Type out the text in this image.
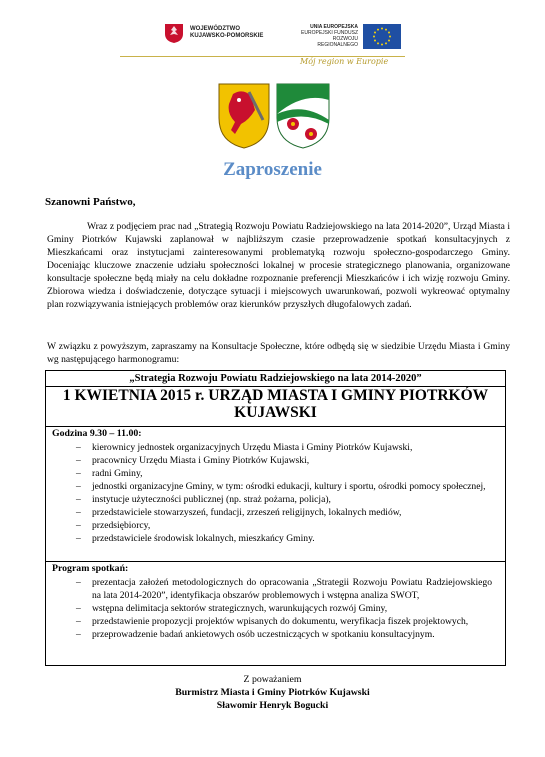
WOJEWÓDZTWO
KUJAWSKO-POMORSKIE
UNIA EUROPEJSKA
EUROPEJSKI FUNDUSZ
ROZWOJU REGIONALNEGO
Mój region w Europie
Zaproszenie
Szanowni Państwo,

Wraz z podjęciem prac nad „Strategią Rozwoju Powiatu Radziejowskiego na lata 2014-2020”, Urząd Miasta i Gminy Piotrków Kujawski zaplanował w najbliższym czasie przeprowadzenie spotkań konsultacyjnych z Mieszkańcami oraz instytucjami zainteresowanymi problematyką rozwoju społeczno-gospodarczego Gminy. Doceniając kluczowe znaczenie udziału społeczności lokalnej w procesie strategicznego planowania, organizowane konsultacje społeczne będą miały na celu dokładne rozpoznanie preferencji Mieszkańców i ich wizję rozwoju Gminy. Zbiorowa wiedza i doświadczenie, dotyczące sytuacji i miejscowych uwarunkowań, pozwoli wykreować optymalny plan rozwiązywania istniejących problemów oraz kierunków przyszłych długofalowych zadań.

W związku z powyższym, zapraszamy na Konsultacje Społeczne, które odbędą się w siedzibie Urzędu Miasta i Gminy wg następującego harmonogramu:

„Strategia Rozwoju Powiatu Radziejowskiego na lata 2014-2020”
1 KWIETNIA 2015 r. URZĄD MIASTA I GMINY PIOTRKÓW KUJAWSKI
Godzina 9.30 – 11.00:
– kierownicy jednostek organizacyjnych Urzędu Miasta i Gminy Piotrków Kujawski,
– pracownicy Urzędu Miasta i Gminy Piotrków Kujawski,
– radni Gminy,
– jednostki organizacyjne Gminy, w tym: ośrodki edukacji, kultury i sportu, ośrodki pomocy społecznej,
– instytucje użyteczności publicznej (np. straż pożarna, policja),
– przedstawiciele stowarzyszeń, fundacji, zrzeszeń religijnych, lokalnych mediów,
– przedsiębiorcy,
– przedstawiciele środowisk lokalnych, mieszkańcy Gminy.
Program spotkań:
– prezentacja założeń metodologicznych do opracowania „Strategii Rozwoju Powiatu Radziejowskiego na lata 2014-2020”, identyfikacja obszarów problemowych i wstępna analiza SWOT,
– wstępna delimitacja sektorów strategicznych, warunkujących rozwój Gminy,
– przedstawienie propozycji projektów wpisanych do dokumentu, weryfikacja fiszek projektowych,
– przeprowadzenie badań ankietowych osób uczestniczących w spotkaniu konsultacyjnym.
Z poważaniem
Burmistrz Miasta i Gminy Piotrków Kujawski
Sławomir Henryk Bogucki
